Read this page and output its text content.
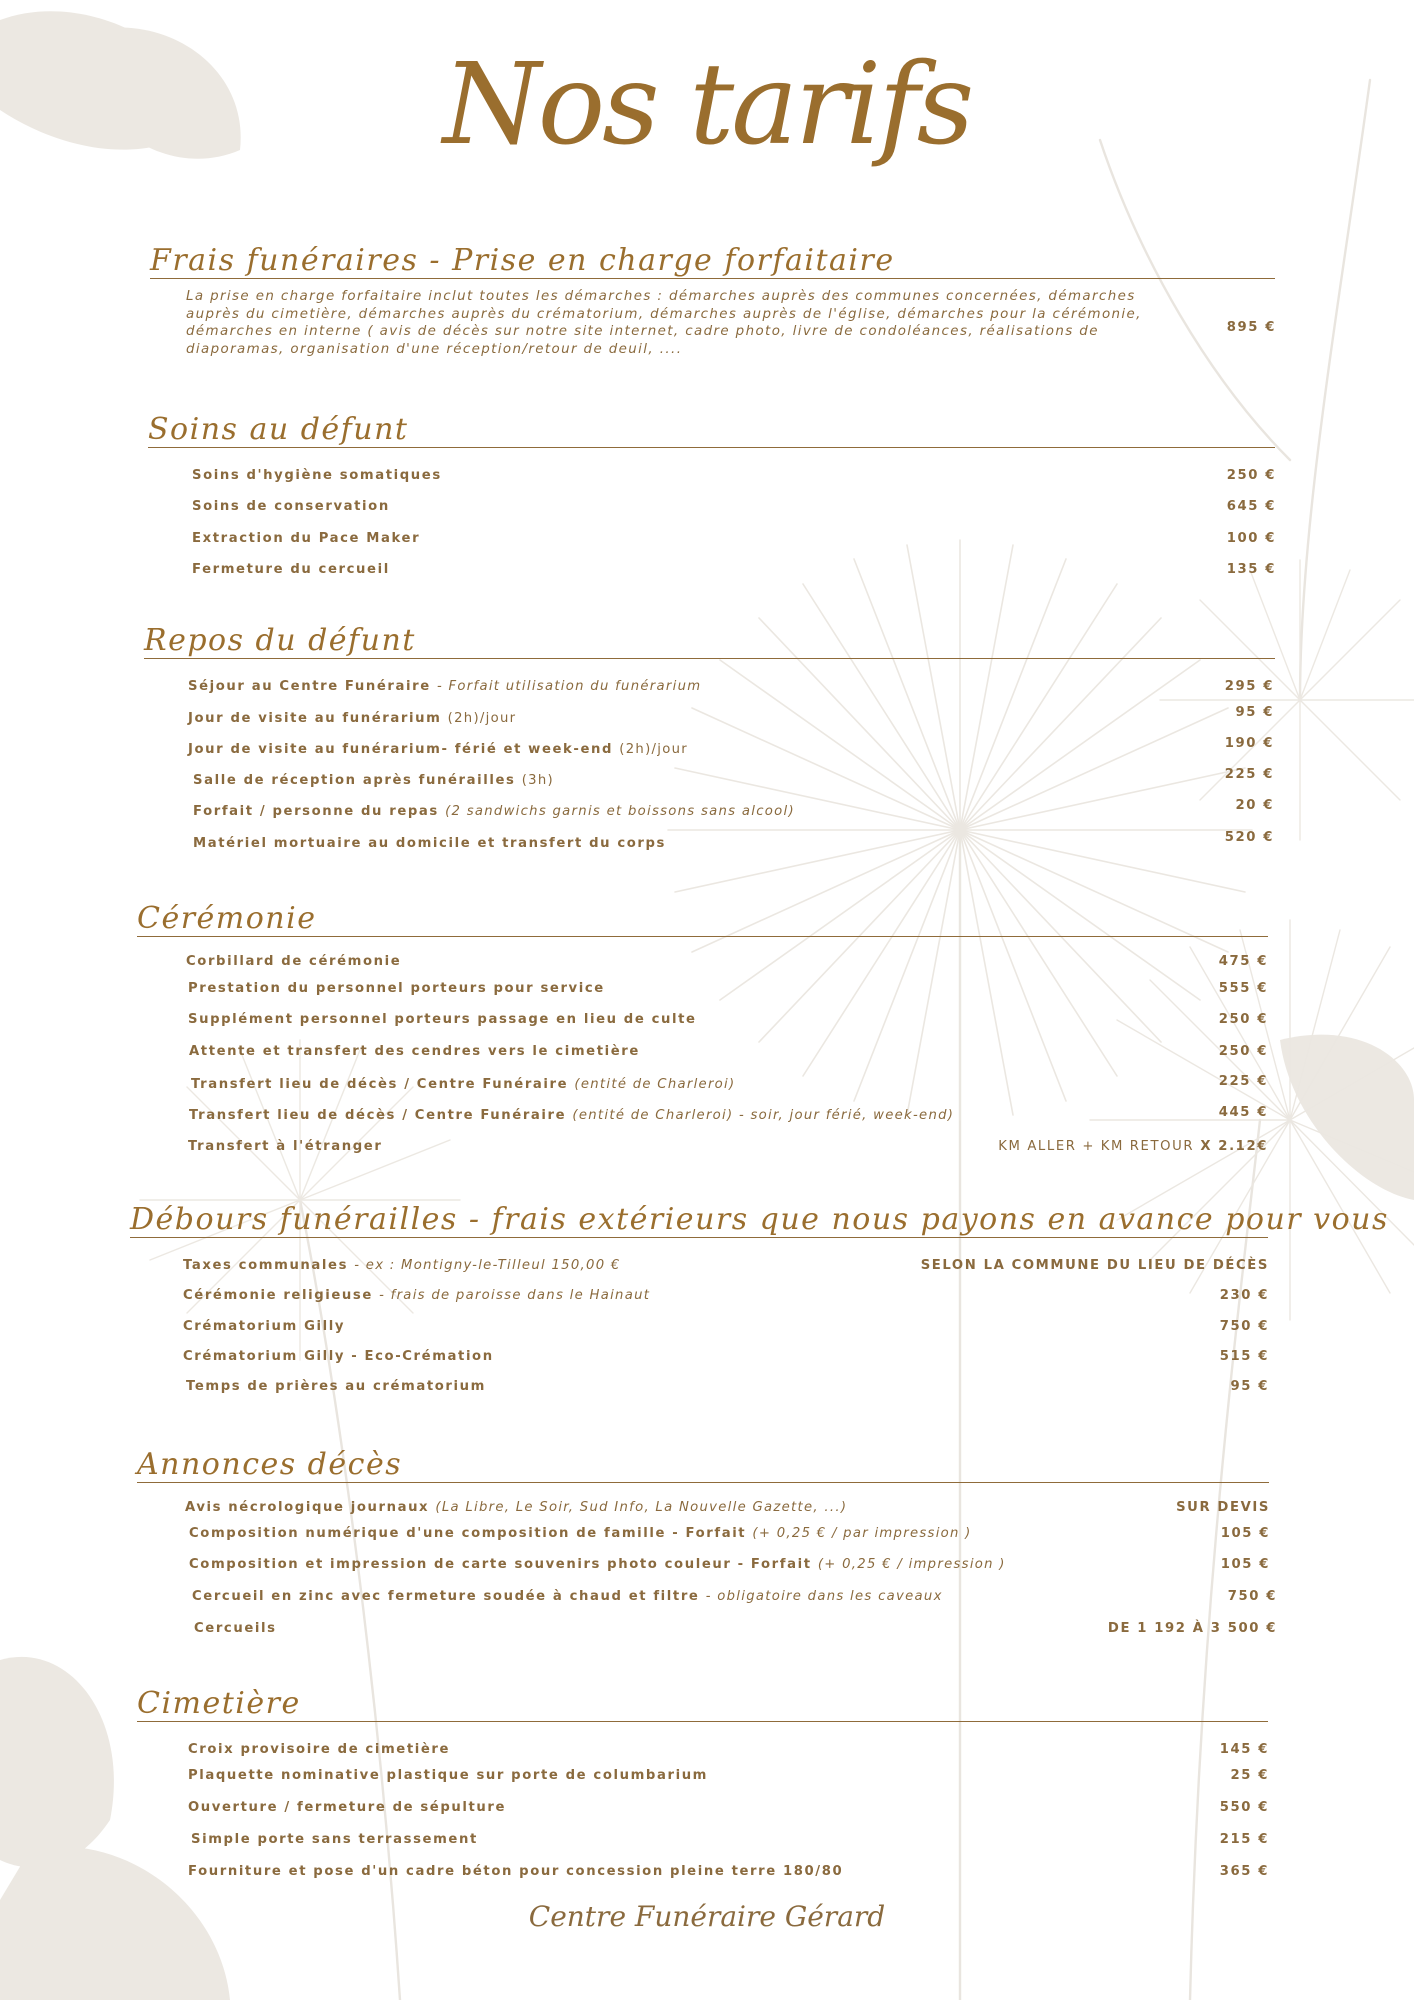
Nos tarifs
Frais funéraires - Prise en charge forfaitaire
La prise en charge forfaitaire inclut toutes les démarches : démarches auprès des communes concernées, démarches auprès du cimetière, démarches auprès du crématorium, démarches auprès de l'église, démarches pour la cérémonie, démarches en interne ( avis de décès sur notre site internet, cadre photo, livre de condoléances, réalisations de diaporamas, organisation d'une réception/retour de deuil, ....
895 €
Soins au défunt
Soins d'hygiène somatiques	250 €
Soins de conservation	645 €
Extraction du Pace Maker	100 €
Fermeture du cercueil	135 €
Repos du défunt
Séjour au Centre Funéraire - Forfait utilisation du funérarium	295 €
Jour de visite au funérarium (2h)/jour	95 €
Jour de visite au funérarium- férié et week-end (2h)/jour	190 €
Salle de réception après funérailles (3h)	225 €
Forfait / personne du repas (2 sandwichs garnis et boissons sans alcool)	20 €
Matériel mortuaire au domicile et transfert du corps	520 €
Cérémonie
Corbillard de cérémonie	475 €
Prestation du personnel porteurs pour service	555 €
Supplément personnel porteurs passage en lieu de culte	250 €
Attente et transfert des cendres vers le cimetière	250 €
Transfert lieu de décès / Centre Funéraire (entité de Charleroi)	225 €
Transfert lieu de décès / Centre Funéraire (entité de Charleroi) - soir, jour férié, week-end)	445 €
Transfert à l'étranger	KM ALLER + KM RETOUR X 2.12€
Débours funérailles - frais extérieurs que nous payons en avance pour vous
Taxes communales - ex : Montigny-le-Tilleul 150,00 €	SELON LA COMMUNE DU LIEU DE DÉCÈS
Cérémonie religieuse - frais de paroisse dans le Hainaut	230 €
Crématorium Gilly	750 €
Crématorium Gilly - Eco-Crémation	515 €
Temps de prières au crématorium	95 €
Annonces décès
Avis nécrologique journaux (La Libre, Le Soir, Sud Info, La Nouvelle Gazette, ...)	SUR DEVIS
Composition numérique d'une composition de famille - Forfait (+ 0,25 € / par impression )	105 €
Composition et impression de carte souvenirs photo couleur - Forfait (+ 0,25 € / impression )	105 €
Cercueil en zinc avec fermeture soudée à chaud et filtre - obligatoire dans les caveaux	750 €
Cercueils	DE 1 192 À 3 500 €
Cimetière
Croix provisoire de cimetière	145 €
Plaquette nominative plastique sur porte de columbarium	25 €
Ouverture / fermeture de sépulture	550 €
Simple porte sans terrassement	215 €
Fourniture et pose d'un cadre béton pour concession pleine terre 180/80	365 €
Centre Funéraire Gérard
